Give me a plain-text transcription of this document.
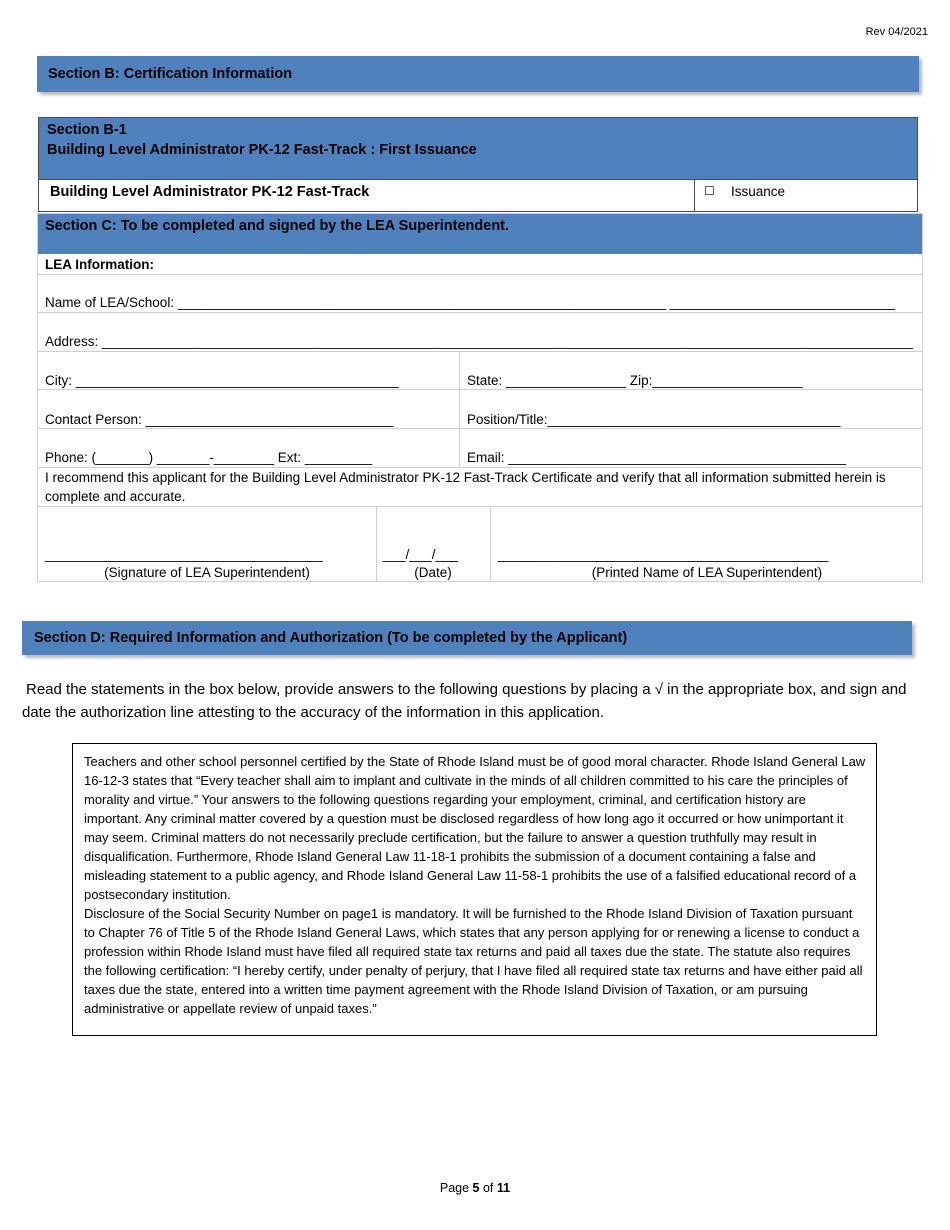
Rev 04/2021
Section B: Certification Information
Section B-1
Building Level Administrator PK-12 Fast-Track : First Issuance
Building Level Administrator PK-12 Fast-Track	☐ Issuance
Section C: To be completed and signed by the LEA Superintendent.
LEA Information:
Name of LEA/School: _________________________________________________________________ ______________________________
Address: ____________________________________________________________________________________________________________
City: ___________________________________________	State: ________________ Zip:____________________
Contact Person: _________________________________	Position/Title:_______________________________________
Phone: (_______) _______-________ Ext: _________	Email: _____________________________________________
I recommend this applicant for the Building Level Administrator PK-12 Fast-Track Certificate and verify that all information submitted herein is complete and accurate.
_____________________________________	___/___/___	____________________________________________
(Signature of LEA Superintendent)	(Date)	(Printed Name of LEA Superintendent)
Section D: Required Information and Authorization (To be completed by the Applicant)
Read the statements in the box below, provide answers to the following questions by placing a √ in the appropriate box, and sign and date the authorization line attesting to the accuracy of the information in this application.

Teachers and other school personnel certified by the State of Rhode Island must be of good moral character. Rhode Island General Law 16-12-3 states that “Every teacher shall aim to implant and cultivate in the minds of all children committed to his care the principles of morality and virtue.” Your answers to the following questions regarding your employment, criminal, and certification history are important. Any criminal matter covered by a question must be disclosed regardless of how long ago it occurred or how unimportant it may seem. Criminal matters do not necessarily preclude certification, but the failure to answer a question truthfully may result in disqualification. Furthermore, Rhode Island General Law 11-18-1 prohibits the submission of a document containing a false and misleading statement to a public agency, and Rhode Island General Law 11-58-1 prohibits the use of a falsified educational record of a postsecondary institution.

Disclosure of the Social Security Number on page1 is mandatory. It will be furnished to the Rhode Island Division of Taxation pursuant to Chapter 76 of Title 5 of the Rhode Island General Laws, which states that any person applying for or renewing a license to conduct a profession within Rhode Island must have filed all required state tax returns and paid all taxes due the state. The statute also requires the following certification: “I hereby certify, under penalty of perjury, that I have filed all required state tax returns and have either paid all taxes due the state, entered into a written time payment agreement with the Rhode Island Division of Taxation, or am pursuing administrative or appellate review of unpaid taxes.”

Page 5 of 11
